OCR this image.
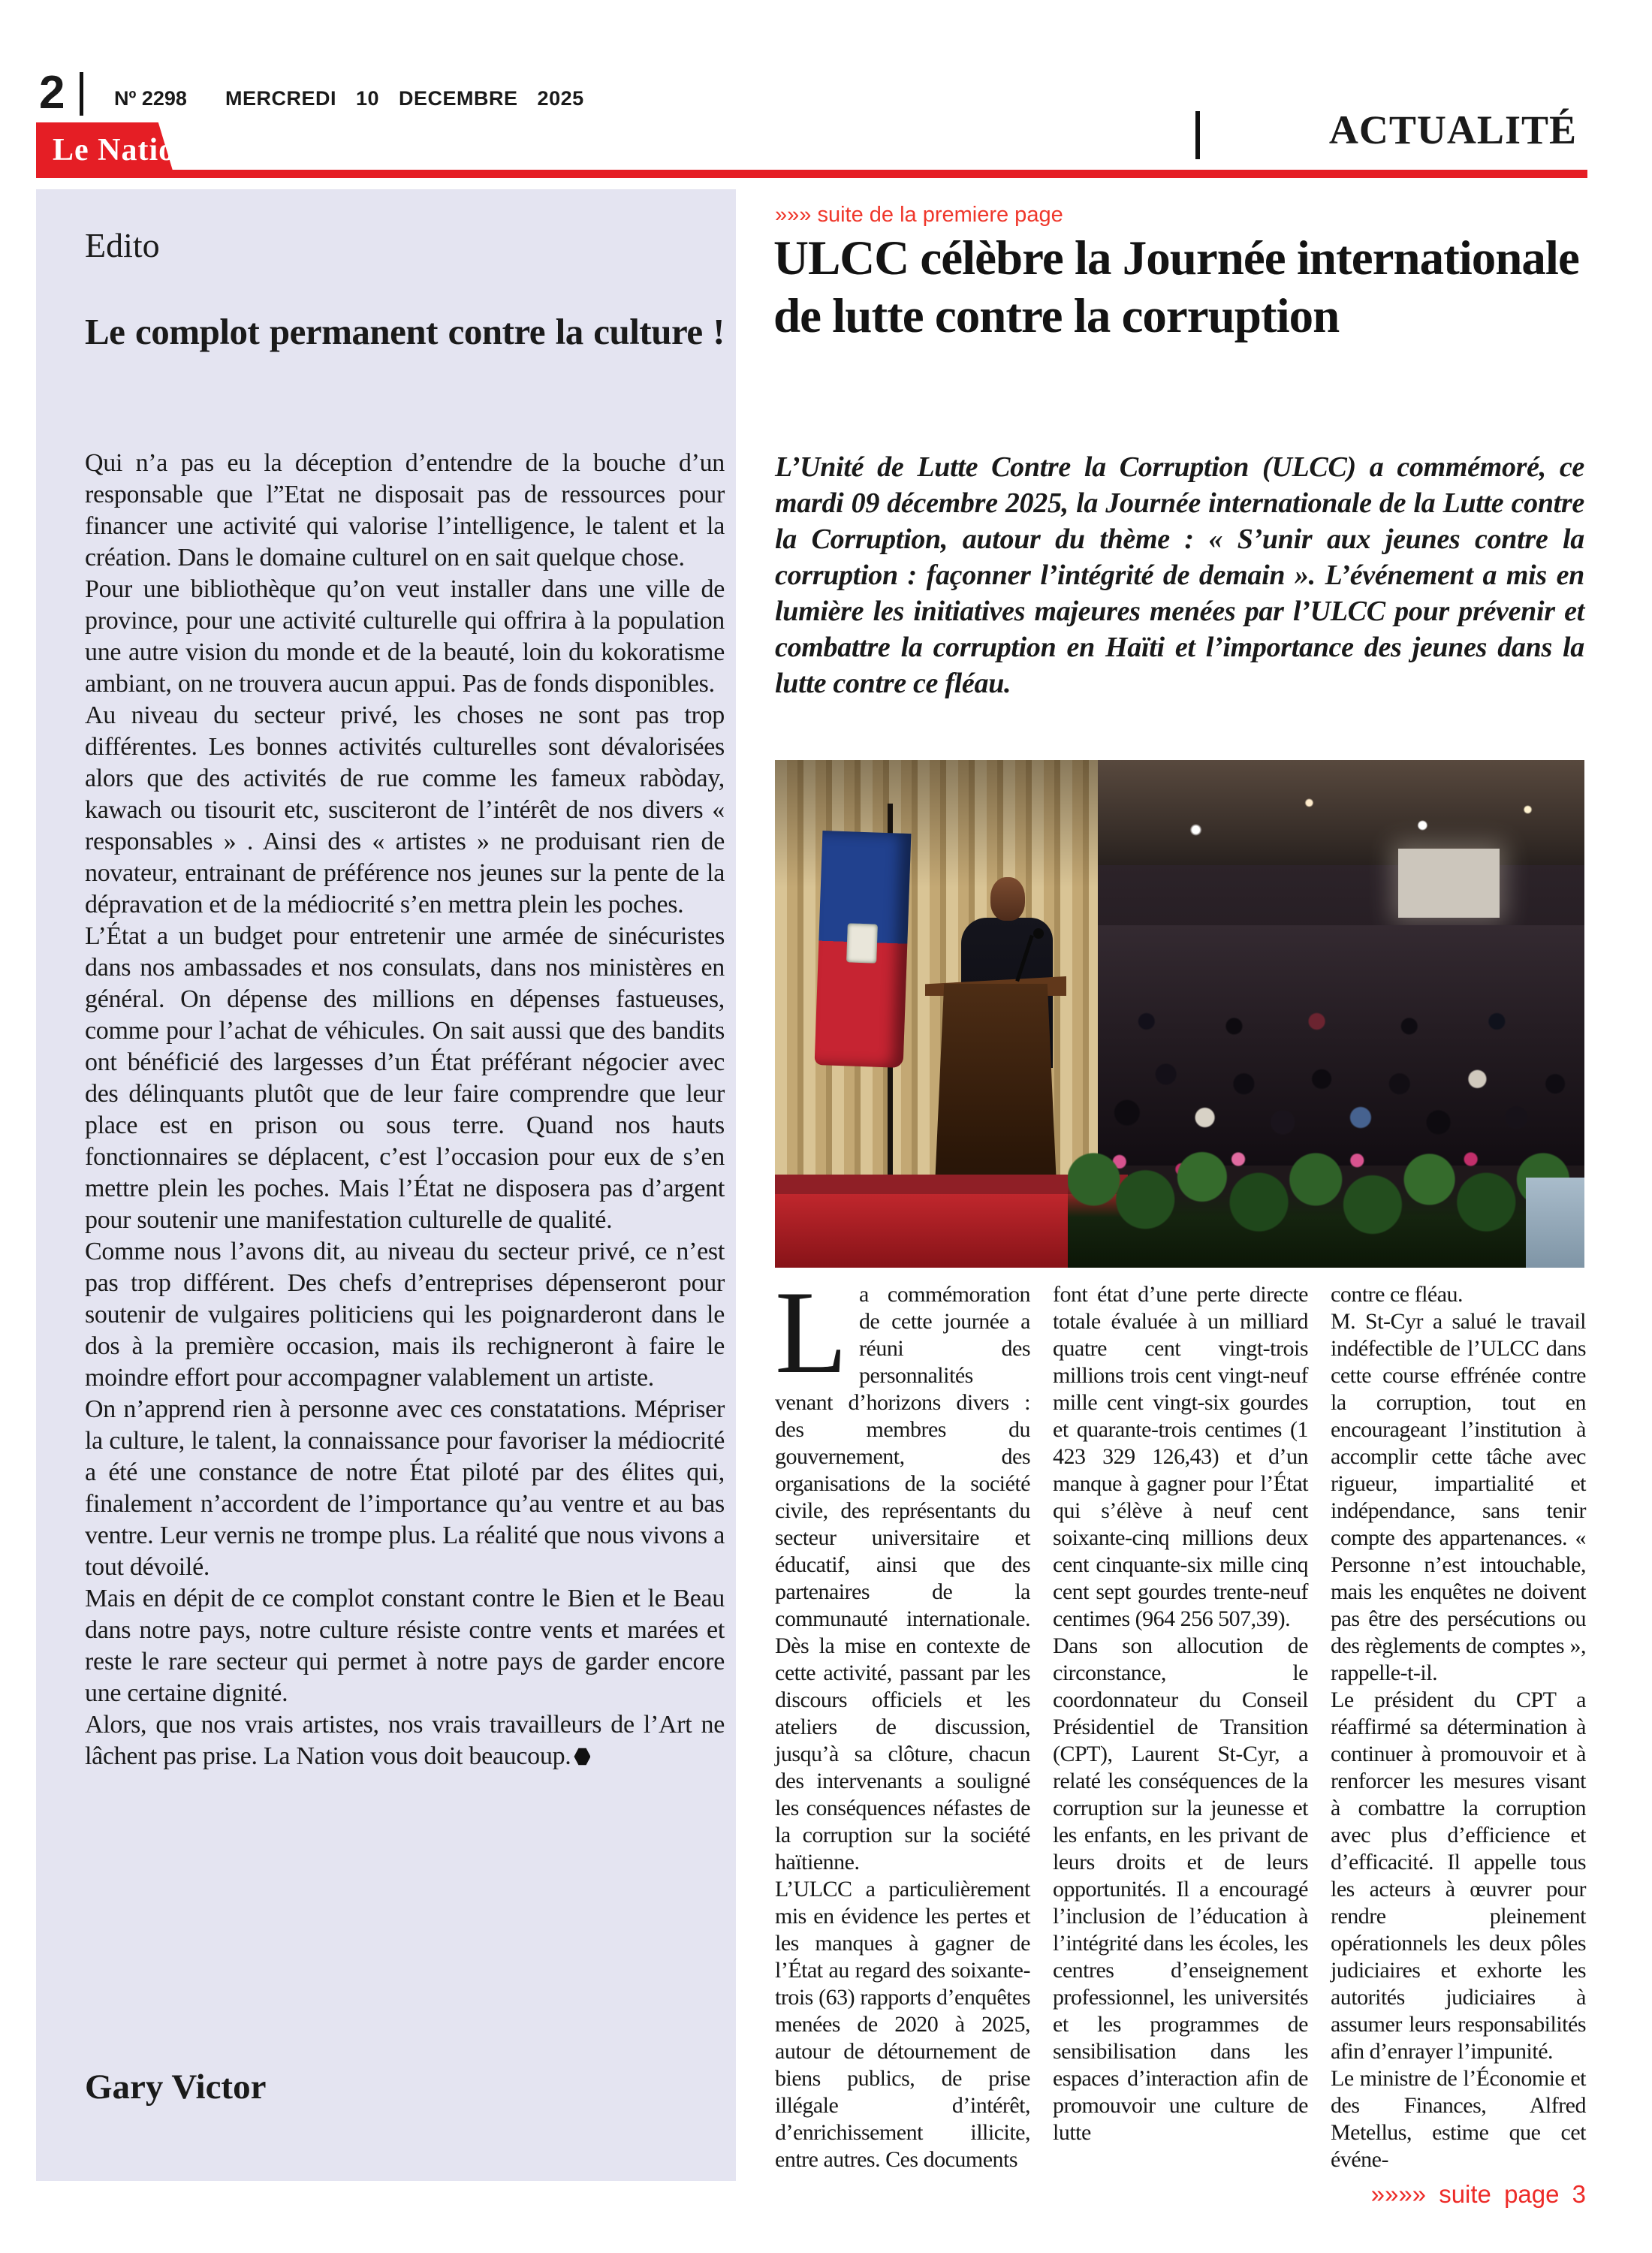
2	Nº 2298 MERCREDI 10 DECEMBRE 2025
ACTUALITÉ
Le National
Edito
Le complot permanent contre la culture !

Qui n’a pas eu la déception d’entendre de la bouche d’un responsable que l”Etat ne disposait pas de ressources pour financer une activité qui valorise l’intelligence, le talent et la création. Dans le domaine culturel on en sait quelque chose.

Pour une bibliothèque qu’on veut installer dans une ville de province, pour une activité culturelle qui offrira à la population une autre vision du monde et de la beauté, loin du kokoratisme ambiant, on ne trouvera aucun appui. Pas de fonds disponibles.

Au niveau du secteur privé, les choses ne sont pas trop différentes. Les bonnes activités culturelles sont dévalorisées alors que des activités de rue comme les fameux rabòday, kawach ou tisourit etc, susciteront de l’intérêt de nos divers « responsables » . Ainsi des « artistes » ne produisant rien de novateur, entrainant de préférence nos jeunes sur la pente de la dépravation et de la médiocrité s’en mettra plein les poches.

L’État a un budget pour entretenir une armée de sinécuristes dans nos ambassades et nos consulats, dans nos ministères en général. On dépense des millions en dépenses fastueuses, comme pour l’achat de véhicules. On sait aussi que des bandits ont bénéficié des largesses d’un État préférant négocier avec des délinquants plutôt que de leur faire comprendre que leur place est en prison ou sous terre. Quand nos hauts fonctionnaires se déplacent, c’est l’occasion pour eux de s’en mettre plein les poches. Mais l’État ne disposera pas d’argent pour soutenir une manifestation culturelle de qualité.

Comme nous l’avons dit, au niveau du secteur privé, ce n’est pas trop différent. Des chefs d’entreprises dépenseront pour soutenir de vulgaires politiciens qui les poignarderont dans le dos à la première occasion, mais ils rechigneront à faire le moindre effort pour accompagner valablement un artiste.

On n’apprend rien à personne avec ces constatations. Mépriser la culture, le talent, la connaissance pour favoriser la médiocrité a été une constance de notre État piloté par des élites qui, finalement n’accordent de l’importance qu’au ventre et au bas ventre. Leur vernis ne trompe plus. La réalité que nous vivons a tout dévoilé.

Mais en dépit de ce complot constant contre le Bien et le Beau dans notre pays, notre culture résiste contre vents et marées et reste le rare secteur qui permet à notre pays de garder encore une certaine dignité.

Alors, que nos vrais artistes, nos vrais travailleurs de l’Art ne lâchent pas prise. La Nation vous doit beaucoup.

Gary Victor
»»» suite de la premiere page
ULCC célèbre la Journée internationale de lutte contre la corruption
L’Unité de Lutte Contre la Corruption (ULCC) a commémoré, ce mardi 09 décembre 2025, la Journée internationale de la Lutte contre la Corruption, autour du thème : « S’unir aux jeunes contre la corruption : façonner l’intégrité de demain ». L’événement a mis en lumière les initiatives majeures menées par l’ULCC pour prévenir et combattre la corruption en Haïti et l’importance des jeunes dans la lutte contre ce fléau.

La commémoration de cette journée a réuni des personnalités venant d’horizons divers : des membres du gouvernement, des organisations de la société civile, des représentants du secteur universitaire et éducatif, ainsi que des partenaires de la communauté internationale. Dès la mise en contexte de cette activité, passant par les discours officiels et les ateliers de discussion, jusqu’à sa clôture, chacun des intervenants a souligné les conséquences néfastes de la corruption sur la société haïtienne.

L’ULCC a particulièrement mis en évidence les pertes et les manques à gagner de l’État au regard des soixante-trois (63) rapports d’enquêtes menées de 2020 à 2025, autour de détournement de biens publics, de prise illégale d’intérêt, d’enrichissement illicite, entre autres. Ces documents

font état d’une perte directe totale évaluée à un milliard quatre cent vingt-trois millions trois cent vingt-neuf mille cent vingt-six gourdes et quarante-trois centimes (1 423 329 126,43) et d’un manque à gagner pour l’État qui s’élève à neuf cent soixante-cinq millions deux cent cinquante-six mille cinq cent sept gourdes trente-neuf centimes (964 256 507,39).

Dans son allocution de circonstance, le coordonnateur du Conseil Présidentiel de Transition (CPT), Laurent St-Cyr, a relaté les conséquences de la corruption sur la jeunesse et les enfants, en les privant de leurs droits et de leurs opportunités. Il a encouragé l’inclusion de l’éducation à l’intégrité dans les écoles, les centres d’enseignement professionnel, les universités et les programmes de sensibilisation dans les espaces d’interaction afin de promouvoir une culture de lutte

contre ce fléau.

M. St-Cyr a salué le travail indéfectible de l’ULCC dans cette course effrénée contre la corruption, tout en encourageant l’institution à accomplir cette tâche avec rigueur, impartialité et indépendance, sans tenir compte des appartenances. « Personne n’est intouchable, mais les enquêtes ne doivent pas être des persécutions ou des règlements de comptes », rappelle-t-il.

Le président du CPT a réaffirmé sa détermination à continuer à promouvoir et à renforcer les mesures visant à combattre la corruption avec plus d’efficience et d’efficacité. Il appelle tous les acteurs à œuvrer pour rendre pleinement opérationnels les deux pôles judiciaires et exhorte les autorités judiciaires à assumer leurs responsabilités afin d’enrayer l’impunité.

Le ministre de l’Économie et des Finances, Alfred Metellus, estime que cet événe-

»»»» suite page 3
